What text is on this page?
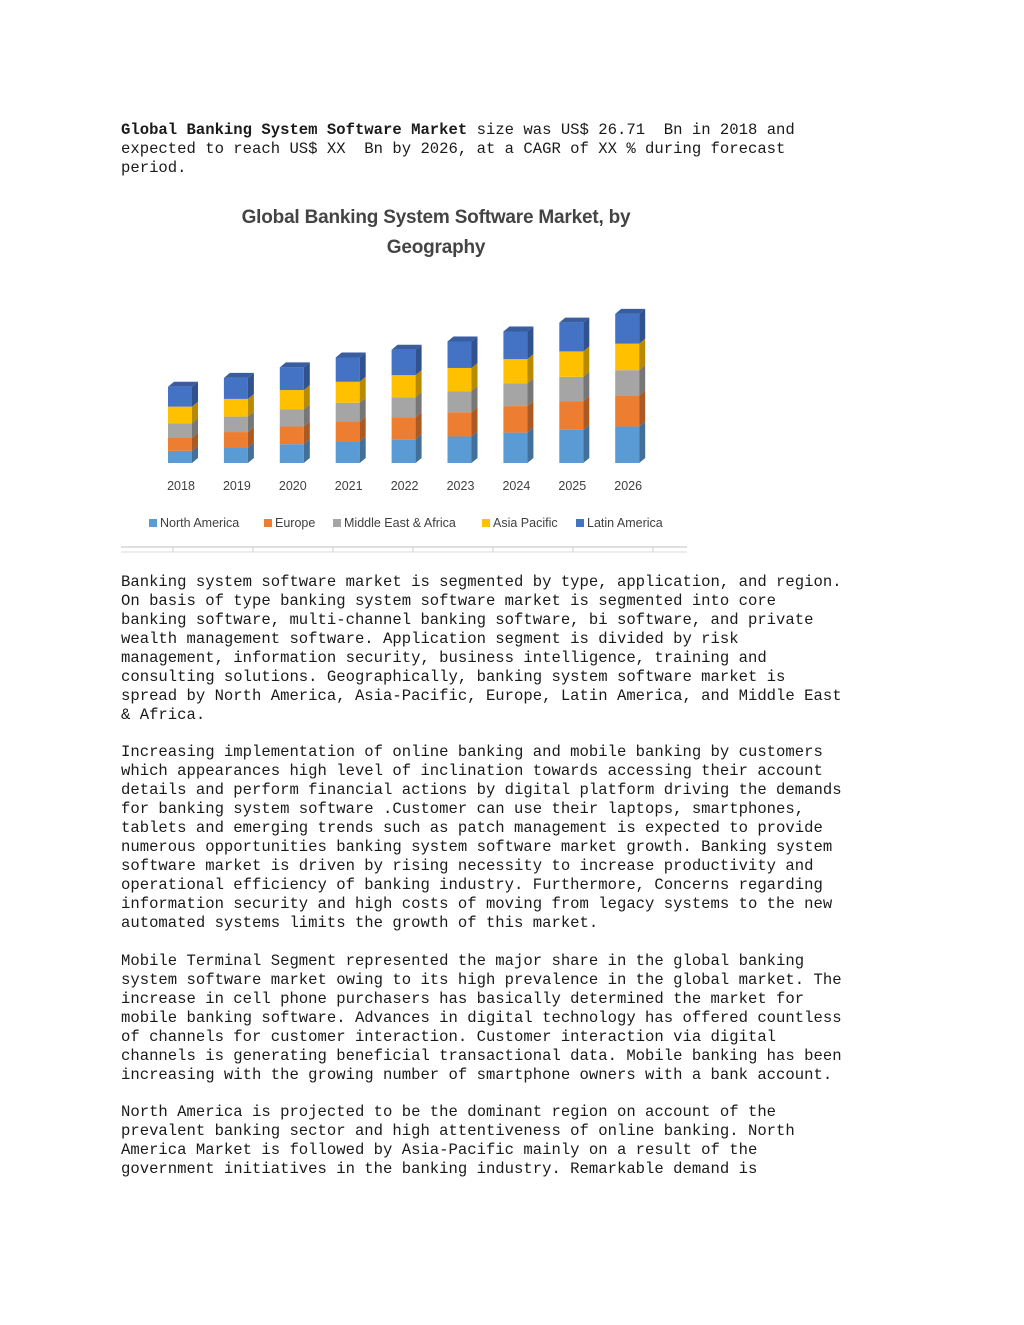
Global Banking System Software Market size was US$ 26.71  Bn in 2018 and
expected to reach US$ XX  Bn by 2026, at a CAGR of XX % during forecast
period.
2018 2019 2020 2021 2022 2023 2024 2025 2026
North America	Europe Middle East & Africa	Asia Pacific Latin America
Global Banking System Software Market, by
Geography
Banking system software market is segmented by type, application, and region.
On basis of type banking system software market is segmented into core
banking software, multi-channel banking software, bi software, and private
wealth management software. Application segment is divided by risk
management, information security, business intelligence, training and
consulting solutions. Geographically, banking system software market is
spread by North America, Asia-Pacific, Europe, Latin America, and Middle East
& Africa.
Increasing implementation of online banking and mobile banking by customers
which appearances high level of inclination towards accessing their account
details and perform financial actions by digital platform driving the demands
for banking system software .Customer can use their laptops, smartphones,
tablets and emerging trends such as patch management is expected to provide
numerous opportunities banking system software market growth. Banking system
software market is driven by rising necessity to increase productivity and
operational efficiency of banking industry. Furthermore, Concerns regarding
information security and high costs of moving from legacy systems to the new
automated systems limits the growth of this market.
Mobile Terminal Segment represented the major share in the global banking
system software market owing to its high prevalence in the global market. The
increase in cell phone purchasers has basically determined the market for
mobile banking software. Advances in digital technology has offered countless
of channels for customer interaction. Customer interaction via digital
channels is generating beneficial transactional data. Mobile banking has been
increasing with the growing number of smartphone owners with a bank account.
North America is projected to be the dominant region on account of the
prevalent banking sector and high attentiveness of online banking. North
America Market is followed by Asia-Pacific mainly on a result of the
government initiatives in the banking industry. Remarkable demand is
